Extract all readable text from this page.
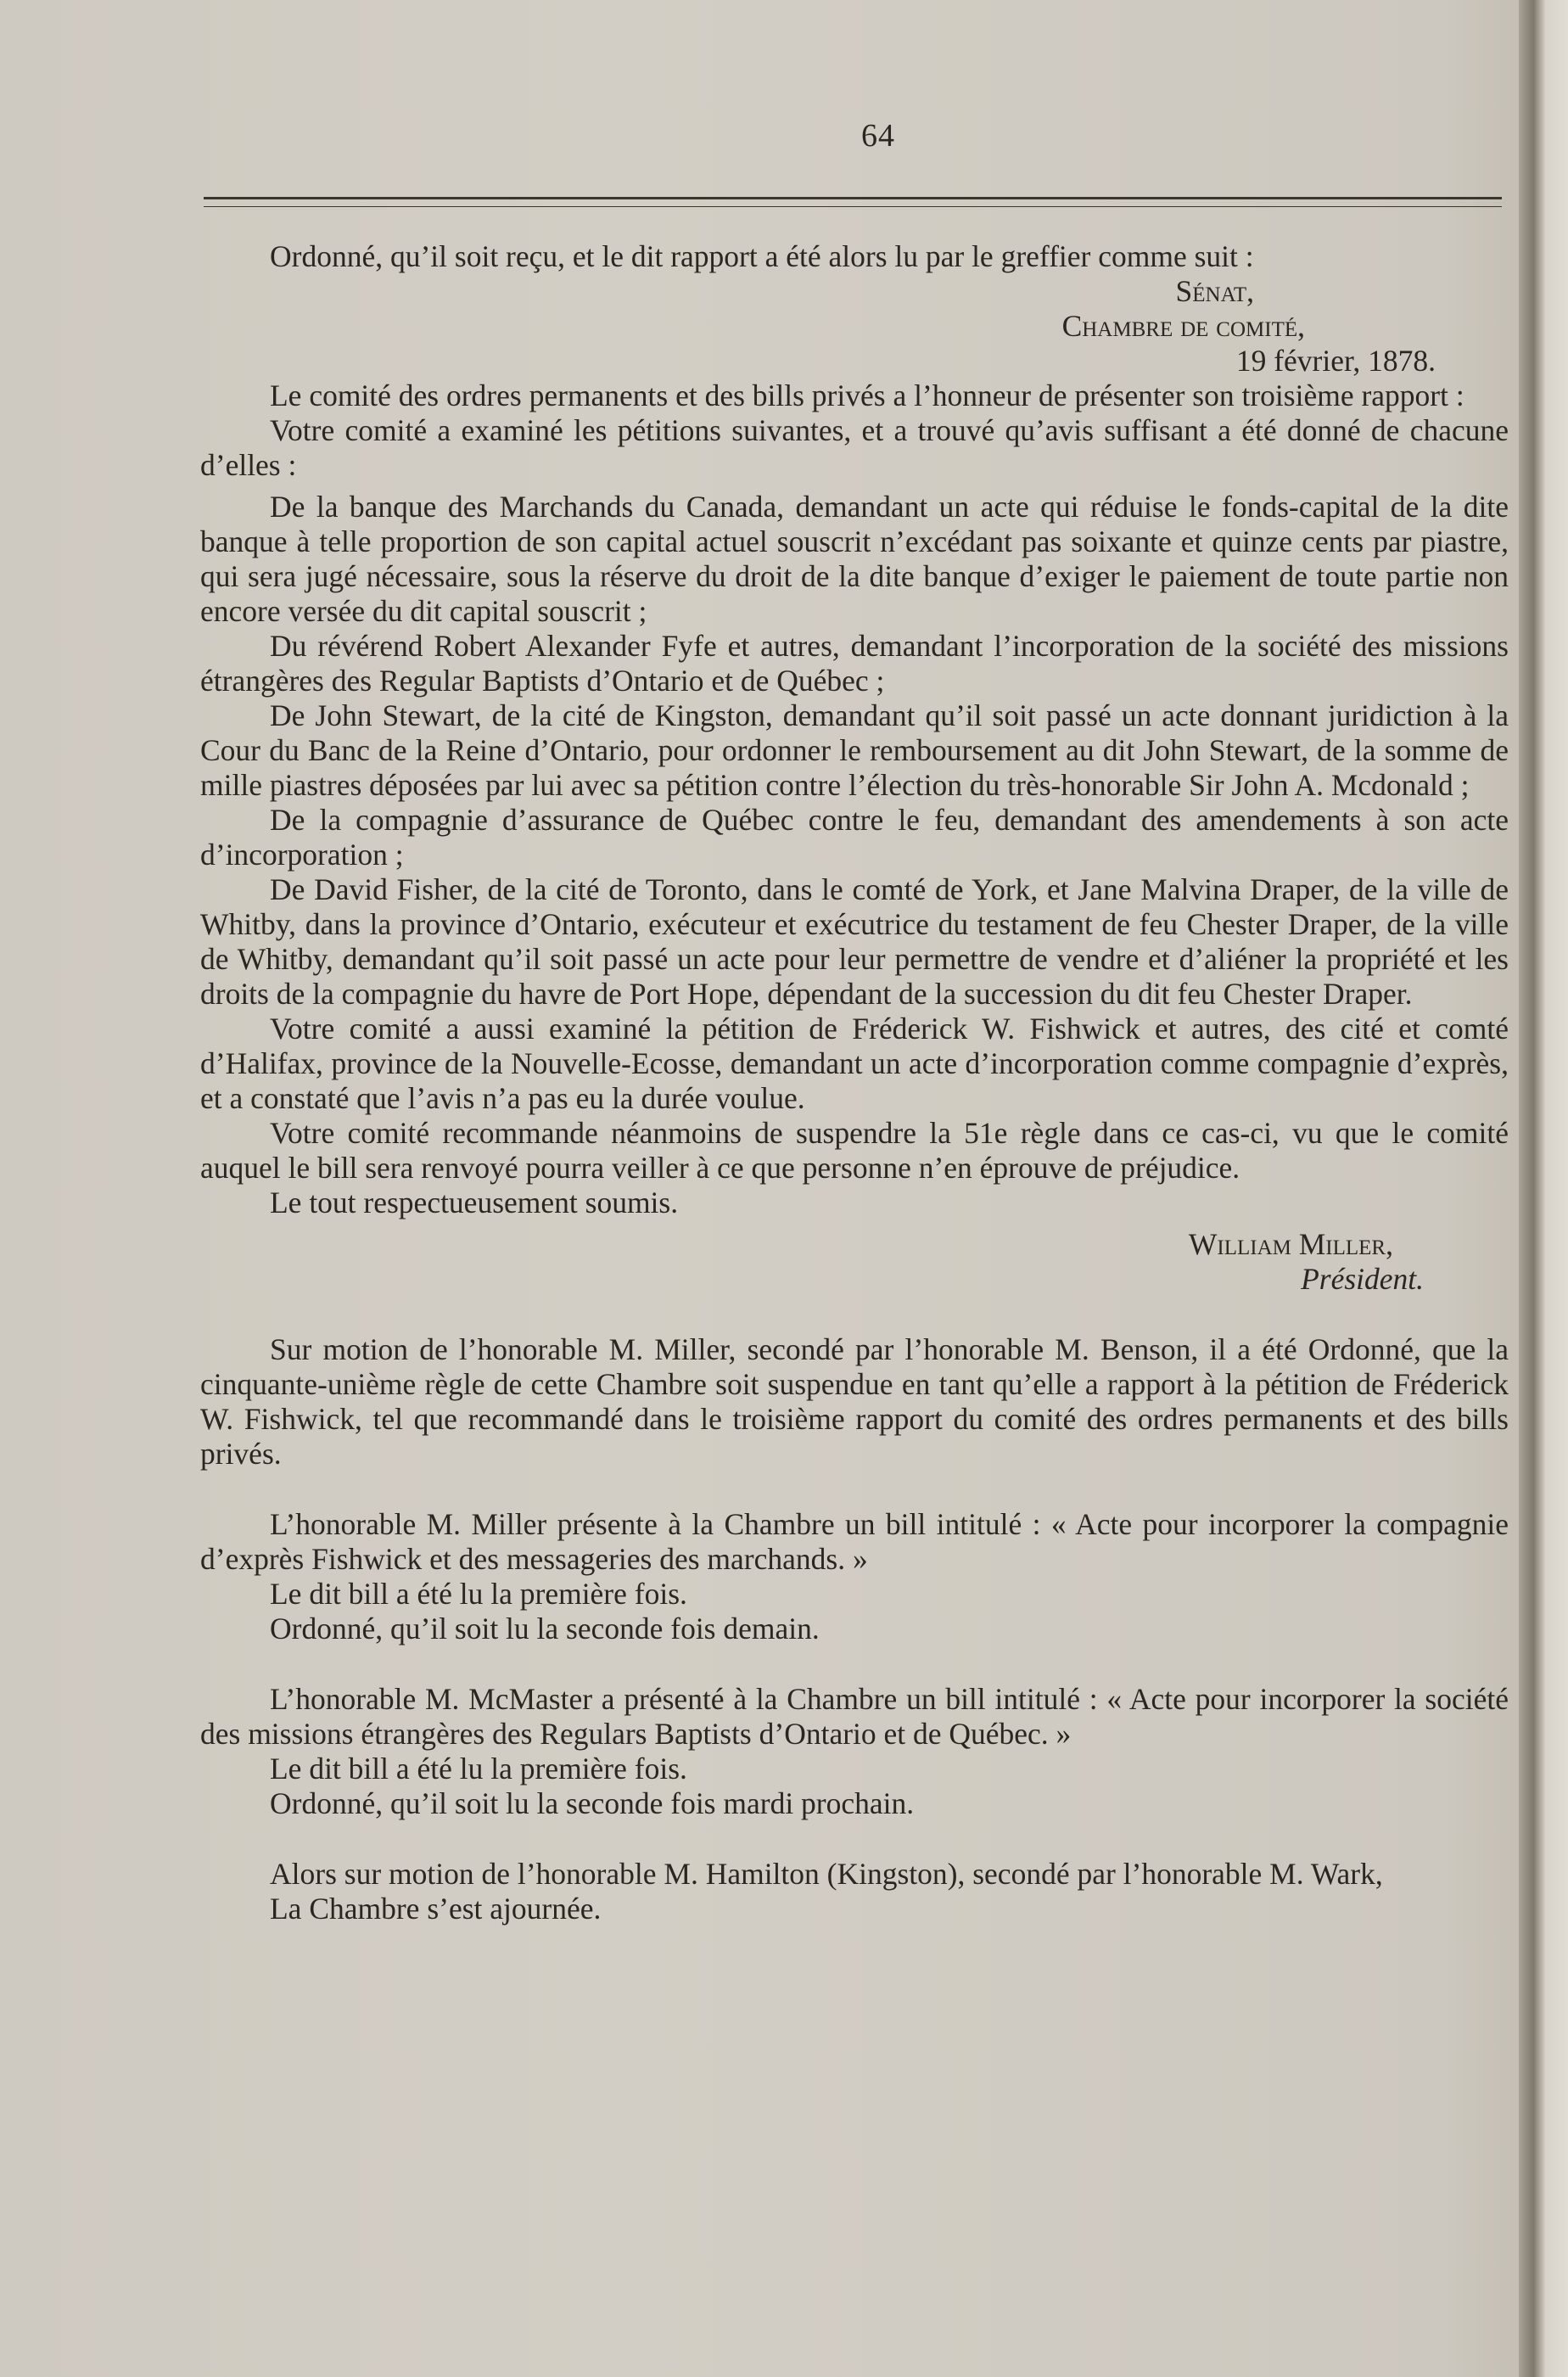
64

Ordonné, qu’il soit reçu, et le dit rapport a été alors lu par le greffier comme suit :

Sénat,

Chambre de comité,

19 février, 1878.

Le comité des ordres permanents et des bills privés a l’honneur de présenter son troisième rapport :

Votre comité a examiné les pétitions suivantes, et a trouvé qu’avis suffisant a été donné de chacune d’elles :

De la banque des Marchands du Canada, demandant un acte qui réduise le fonds-capital de la dite banque à telle proportion de son capital actuel souscrit n’excédant pas soixante et quinze cents par piastre, qui sera jugé nécessaire, sous la réserve du droit de la dite banque d’exiger le paiement de toute partie non encore versée du dit capital souscrit ;

Du révérend Robert Alexander Fyfe et autres, demandant l’incorporation de la société des missions étrangères des Regular Baptists d’Ontario et de Québec ;

De John Stewart, de la cité de Kingston, demandant qu’il soit passé un acte donnant juridiction à la Cour du Banc de la Reine d’Ontario, pour ordonner le remboursement au dit John Stewart, de la somme de mille piastres déposées par lui avec sa pétition contre l’élection du très-honorable Sir John A. Mcdonald ;

De la compagnie d’assurance de Québec contre le feu, demandant des amendements à son acte d’incorporation ;

De David Fisher, de la cité de Toronto, dans le comté de York, et Jane Malvina Draper, de la ville de Whitby, dans la province d’Ontario, exécuteur et exécutrice du testament de feu Chester Draper, de la ville de Whitby, demandant qu’il soit passé un acte pour leur permettre de vendre et d’aliéner la propriété et les droits de la compagnie du havre de Port Hope, dépendant de la succession du dit feu Chester Draper.

Votre comité a aussi examiné la pétition de Fréderick W. Fishwick et autres, des cité et comté d’Halifax, province de la Nouvelle-Ecosse, demandant un acte d’incorporation comme compagnie d’exprès, et a constaté que l’avis n’a pas eu la durée voulue.

Votre comité recommande néanmoins de suspendre la 51e règle dans ce cas-ci, vu que le comité auquel le bill sera renvoyé pourra veiller à ce que personne n’en éprouve de préjudice.

Le tout respectueusement soumis.

William Miller,

Président.

Sur motion de l’honorable M. Miller, secondé par l’honorable M. Benson, il a été Ordonné, que la cinquante-unième règle de cette Chambre soit suspendue en tant qu’elle a rapport à la pétition de Fréderick W. Fishwick, tel que recommandé dans le troisième rapport du comité des ordres permanents et des bills privés.

L’honorable M. Miller présente à la Chambre un bill intitulé : « Acte pour incorporer la compagnie d’exprès Fishwick et des messageries des marchands. »

Le dit bill a été lu la première fois.

Ordonné, qu’il soit lu la seconde fois demain.

L’honorable M. McMaster a présenté à la Chambre un bill intitulé : « Acte pour incorporer la société des missions étrangères des Regulars Baptists d’Ontario et de Québec. »

Le dit bill a été lu la première fois.

Ordonné, qu’il soit lu la seconde fois mardi prochain.

Alors sur motion de l’honorable M. Hamilton (Kingston), secondé par l’honorable M. Wark,

La Chambre s’est ajournée.
